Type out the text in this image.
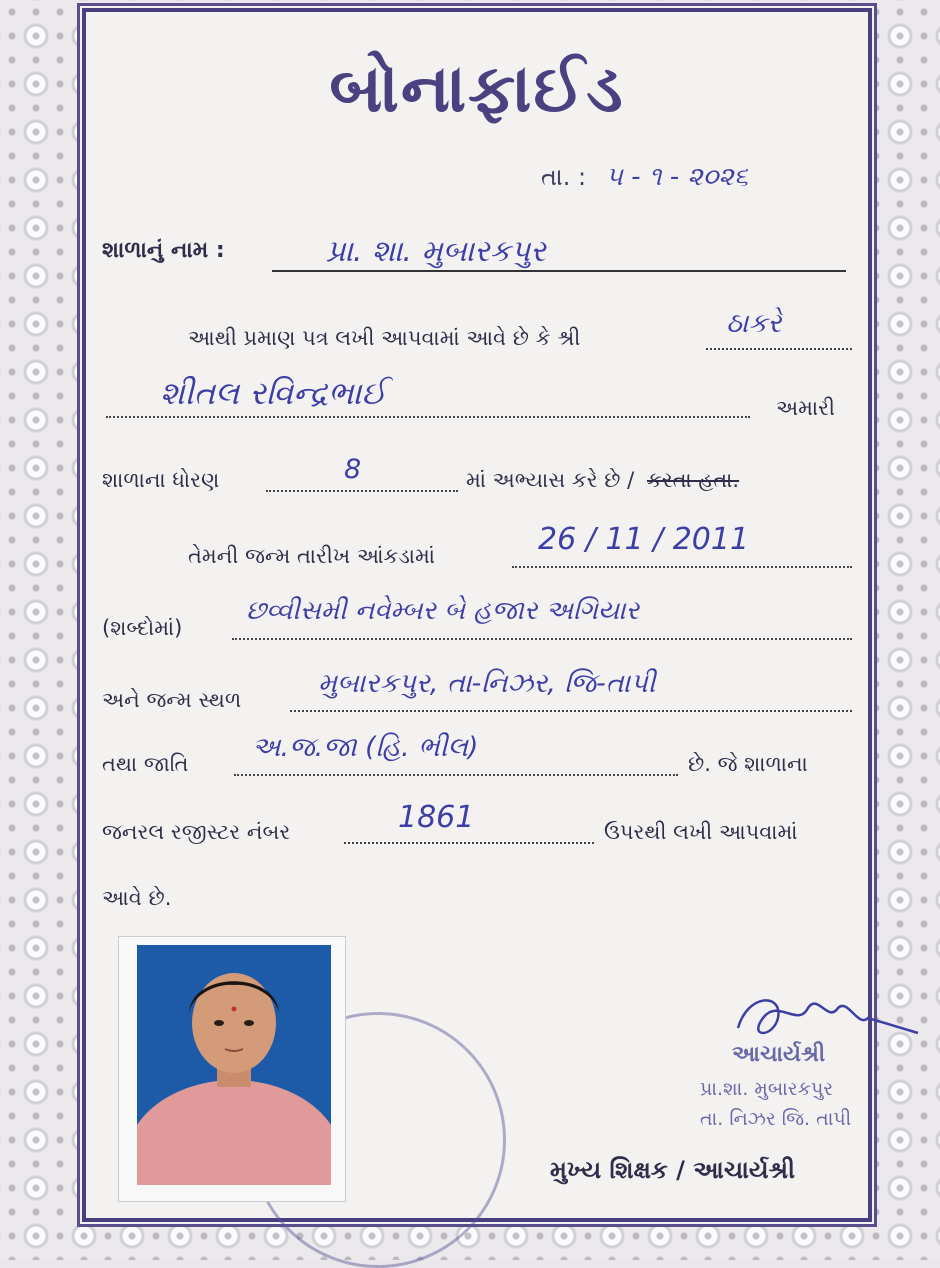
બોનાફાઈડ
તા. : ૫ - ૧ - ૨૦૨૬
શાળાનું નામ :	પ્રા. શા. મુબારકપુર
આથી પ્રમાણ પત્ર લખી આપવામાં આવે છે કે શ્રી	ઠાકરે
શીતલ રવિન્દ્રભાઈ	અમારી
શાળાના ધોરણ	8	માં અભ્યાસ કરે છે / કરતા હતા.
તેમની જન્મ તારીખ આંકડામાં	26 / 11 / 2011
(શબ્દોમાં)
છવ્વીસમી નવેમ્બર બે હજાર અગિયાર
અને જન્મ સ્થળ
મુબારકપુર, તા-નિઝર, જિ-તાપી
તથા જાતિ
અ.જ.જા (હિ. ભીલ)
છે. જે શાળાના
જનરલ રજીસ્ટર નંબર	1861	ઉપરથી લખી આપવામાં
આવે છે.
આચાર્યશ્રી
પ્રા.શા. મુબારકપુર
તા. નિઝર જિ. તાપી
મુખ્ય શિક્ષક / આચાર્યશ્રી
